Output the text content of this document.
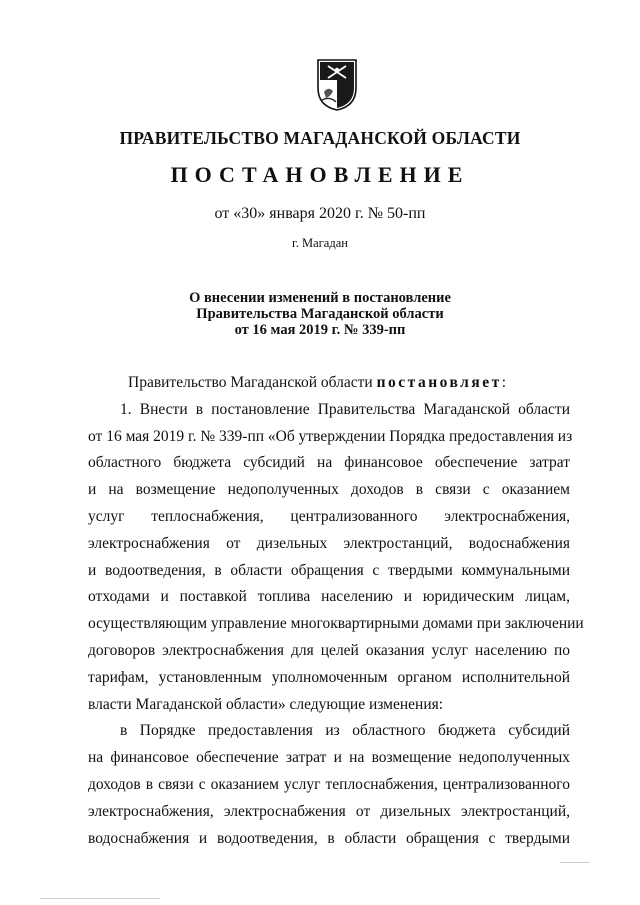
ПРАВИТЕЛЬСТВО МАГАДАНСКОЙ ОБЛАСТИ
ПОСТАНОВЛЕНИЕ
от «30» января 2020 г. № 50-пп
г. Магадан
О внесении изменений в постановление
Правительства Магаданской области
от 16 мая 2019 г. № 339-пп
Правительство Магаданской области постановляет:
1. Внести в постановление Правительства Магаданской области
от 16 мая 2019 г. № 339-пп «Об утверждении Порядка предоставления из
областного бюджета субсидий на финансовое обеспечение затрат
и на возмещение недополученных доходов в связи с оказанием
услуг теплоснабжения, централизованного электроснабжения,
электроснабжения от дизельных электростанций, водоснабжения
и водоотведения, в области обращения с твердыми коммунальными
отходами и поставкой топлива населению и юридическим лицам,
осуществляющим управление многоквартирными домами при заключении
договоров электроснабжения для целей оказания услуг населению по
тарифам, установленным уполномоченным органом исполнительной
власти Магаданской области» следующие изменения:
в Порядке предоставления из областного бюджета субсидий
на финансовое обеспечение затрат и на возмещение недополученных
доходов в связи с оказанием услуг теплоснабжения, централизованного
электроснабжения, электроснабжения от дизельных электростанций,
водоснабжения и водоотведения, в области обращения с твердыми
